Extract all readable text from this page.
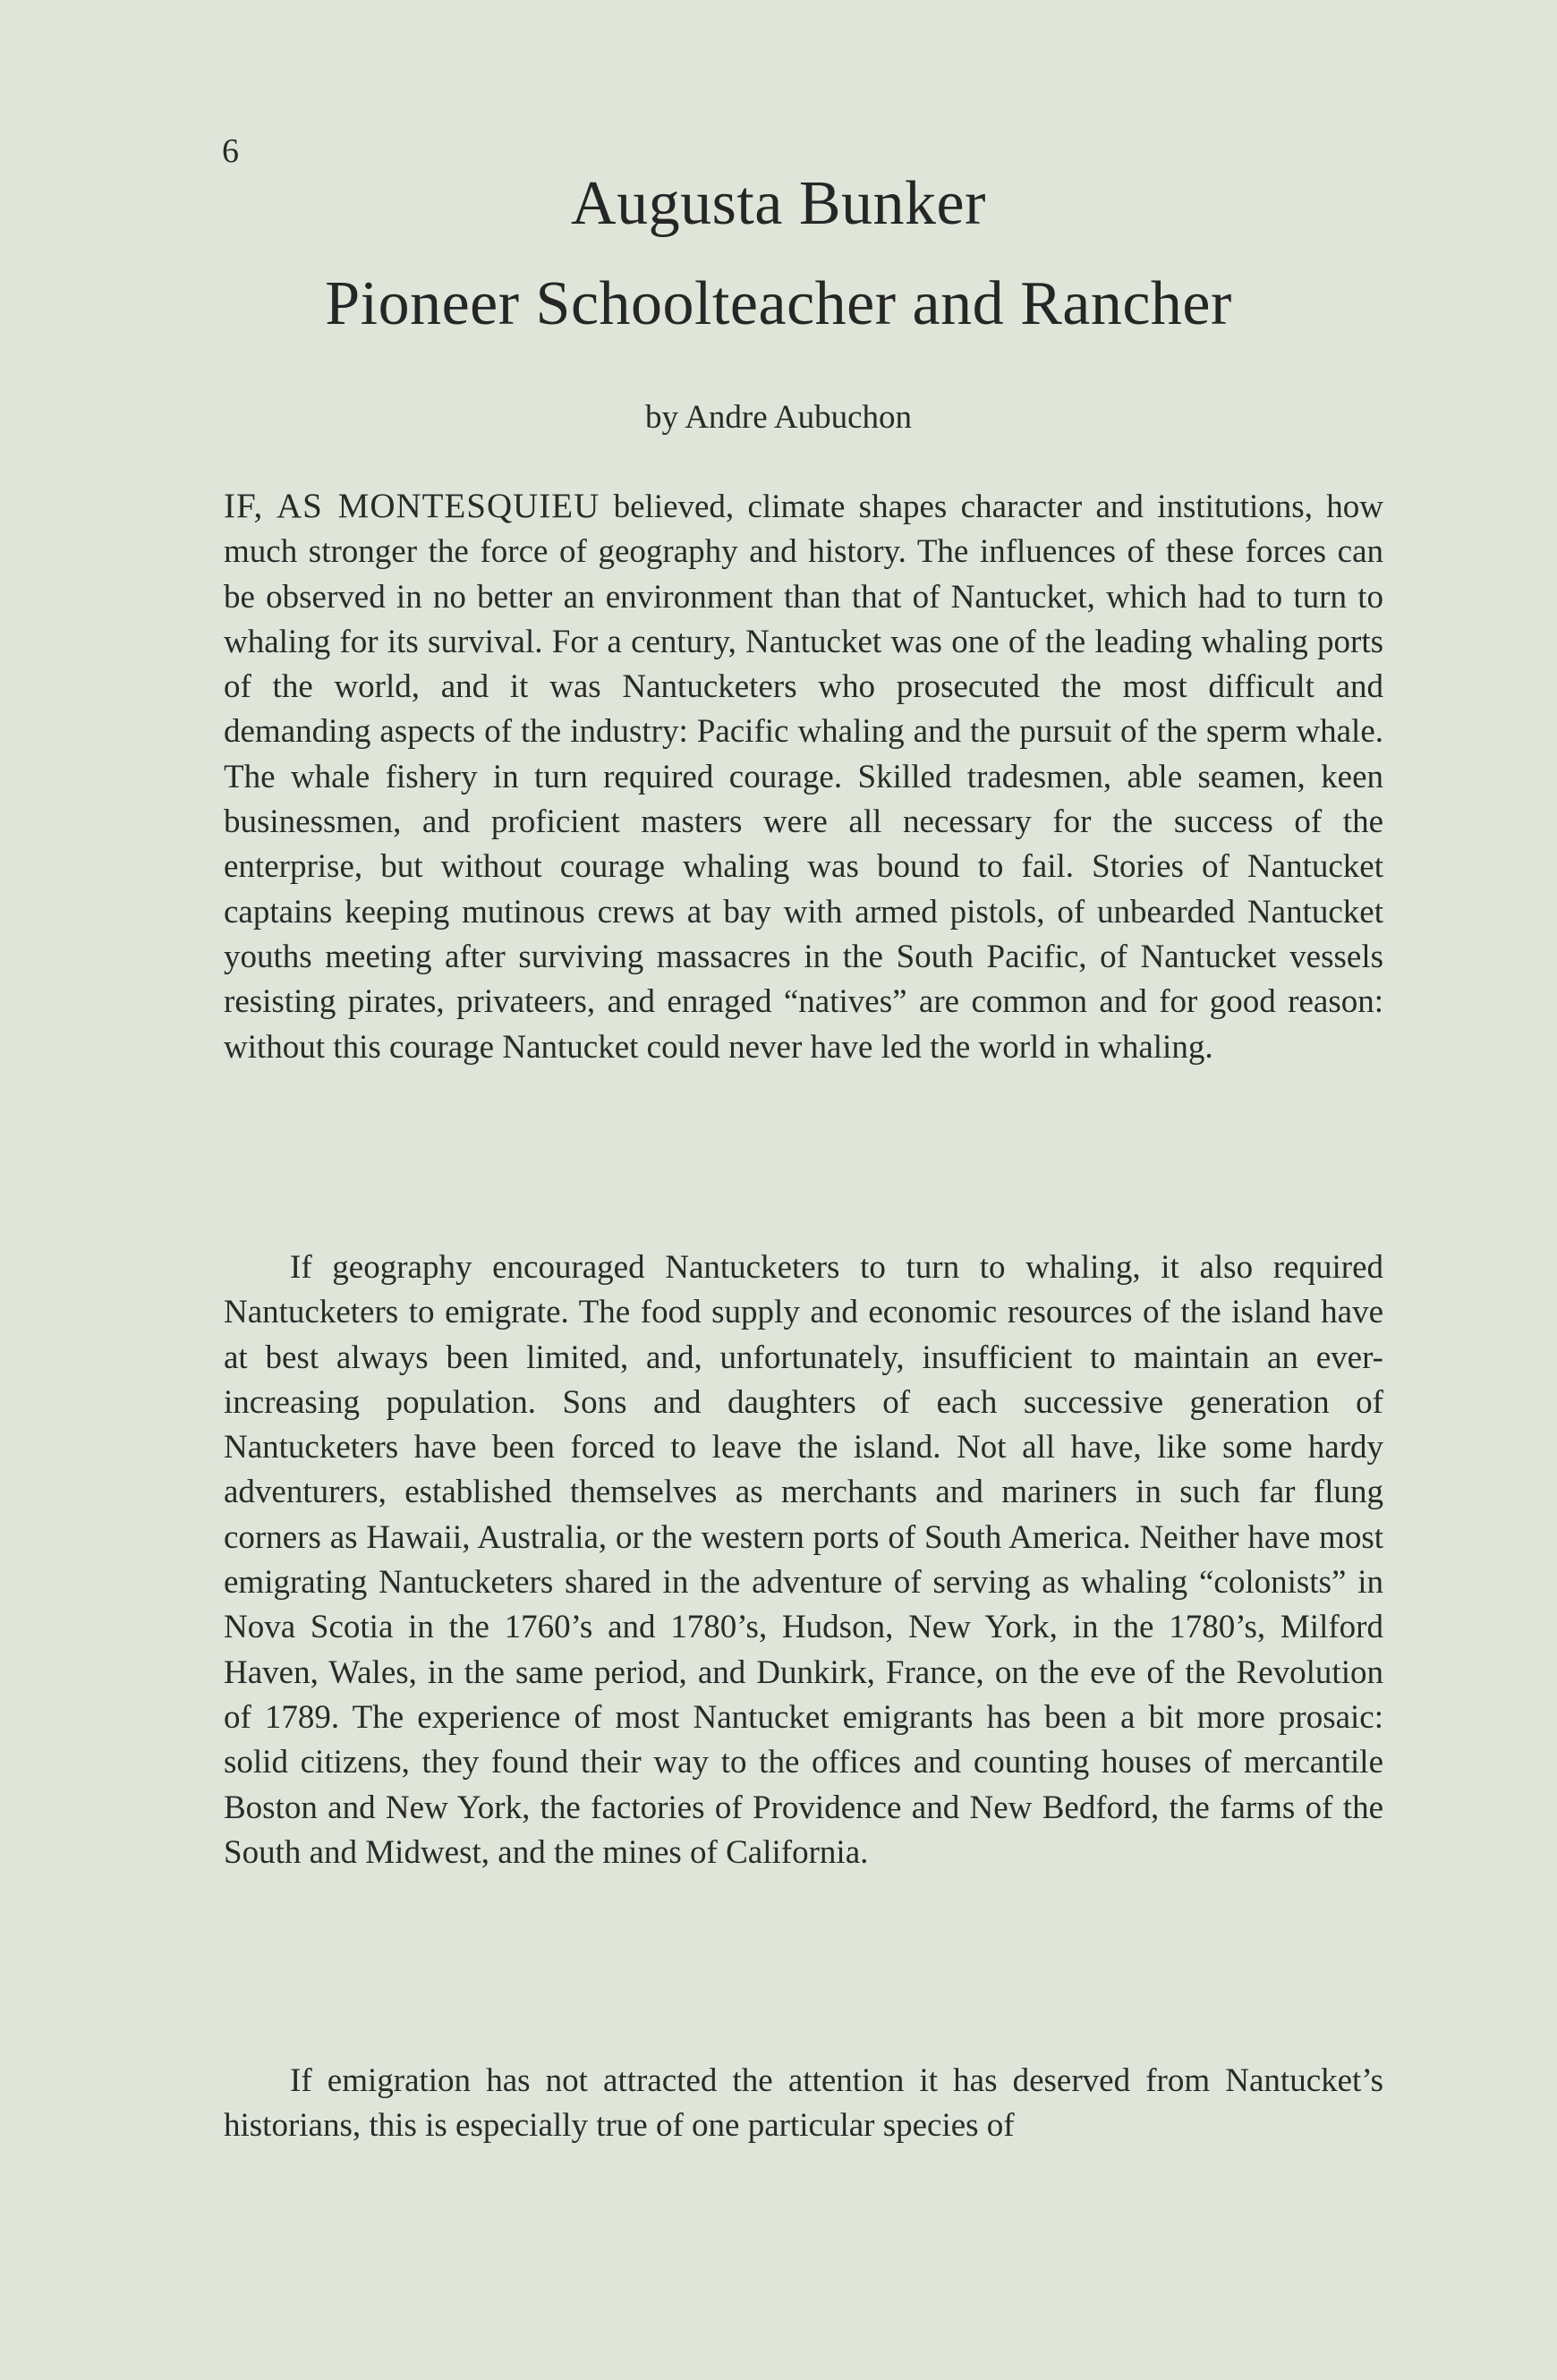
6
Augusta Bunker
Pioneer Schoolteacher and Rancher
by Andre Aubuchon

IF, AS MONTESQUIEU believed, climate shapes character and institutions, how much stronger the force of geography and history. The influences of these forces can be observed in no better an environment than that of Nantucket, which had to turn to whaling for its survival. For a century, Nantucket was one of the leading whaling ports of the world, and it was Nantucketers who prosecuted the most difficult and demanding aspects of the industry: Pacific whaling and the pursuit of the sperm whale. The whale fishery in turn required courage. Skilled tradesmen, able seamen, keen businessmen, and proficient masters were all necessary for the success of the enterprise, but without courage whaling was bound to fail. Stories of Nantucket captains keeping mutinous crews at bay with armed pistols, of unbearded Nantucket youths meeting after surviving massacres in the South Pacific, of Nantucket vessels resisting pirates, privateers, and enraged “natives” are common and for good reason: without this courage Nantucket could never have led the world in whaling.

If geography encouraged Nantucketers to turn to whaling, it also required Nantucketers to emigrate. The food supply and economic resources of the island have at best always been limited, and, unfortunately, insufficient to maintain an ever-increasing population. Sons and daughters of each successive generation of Nantucketers have been forced to leave the island. Not all have, like some hardy adventurers, established themselves as merchants and mariners in such far flung corners as Hawaii, Australia, or the western ports of South America. Neither have most emigrating Nantucketers shared in the adventure of serving as whaling “colonists” in Nova Scotia in the 1760’s and 1780’s, Hudson, New York, in the 1780’s, Milford Haven, Wales, in the same period, and Dunkirk, France, on the eve of the Revolution of 1789. The experience of most Nantucket emigrants has been a bit more prosaic: solid citizens, they found their way to the offices and counting houses of mercantile Boston and New York, the factories of Providence and New Bedford, the farms of the South and Midwest, and the mines of California.

If emigration has not attracted the attention it has deserved from Nantucket’s historians, this is especially true of one particular species of
